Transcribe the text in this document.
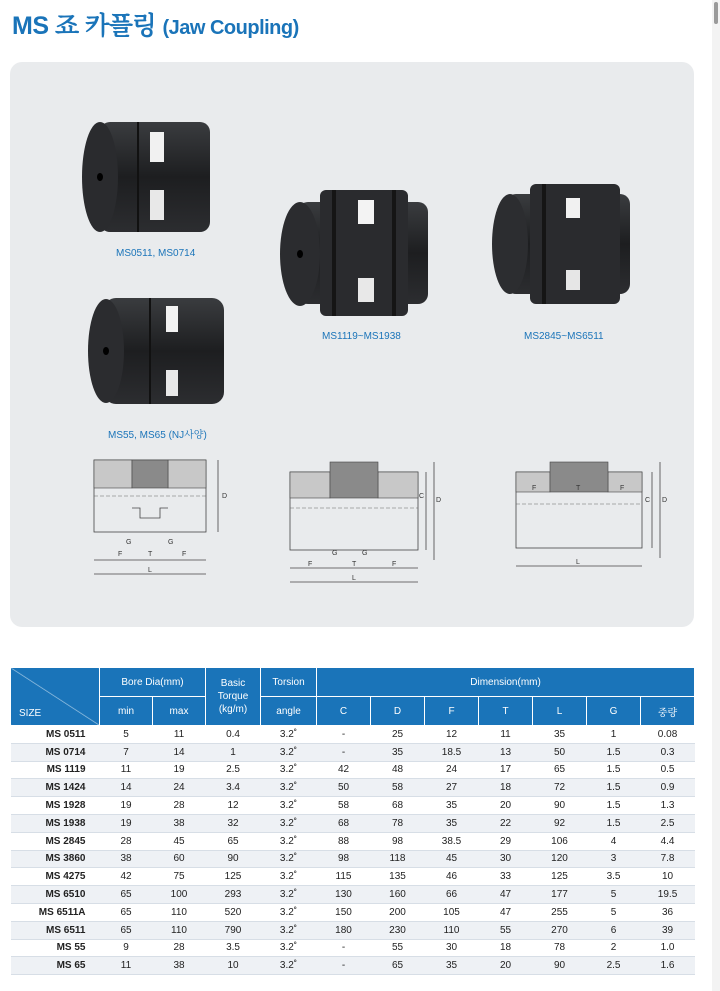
MS 죠 카플링 (Jaw Coupling)
MS0511, MS0714
MS55, MS65 (NJ사양)
MS1119~MS1938	MS2845~MS6511
D
F	T	F
G	G
L
C
D
G	G
F	T	F
L
C D
F	T	F
L
SIZE	Bore Dia(mm)		Basic Torque (kg/m)	Torsion	Dimension(mm)						
	min	max		angle	C	D	F	T	L	G	중량
MS 0511	5	11	0.4	3.2˚	-	25	12	11	35	1	0.08
MS 0714	7	14	1	3.2˚	-	35	18.5	13	50	1.5	0.3
MS 1119	11	19	2.5	3.2˚	42	48	24	17	65	1.5	0.5
MS 1424	14	24	3.4	3.2˚	50	58	27	18	72	1.5	0.9
MS 1928	19	28	12	3.2˚	58	68	35	20	90	1.5	1.3
MS 1938	19	38	32	3.2˚	68	78	35	22	92	1.5	2.5
MS 2845	28	45	65	3.2˚	88	98	38.5	29	106	4	4.4
MS 3860	38	60	90	3.2˚	98	118	45	30	120	3	7.8
MS 4275	42	75	125	3.2˚	115	135	46	33	125	3.5	10
MS 6510	65	100	293	3.2˚	130	160	66	47	177	5	19.5
MS 6511A	65	110	520	3.2˚	150	200	105	47	255	5	36
MS 6511	65	110	790	3.2˚	180	230	110	55	270	6	39
MS 55	9	28	3.5	3.2˚	-	55	30	18	78	2	1.0
MS 65	11	38	10	3.2˚	-	65	35	20	90	2.5	1.6
